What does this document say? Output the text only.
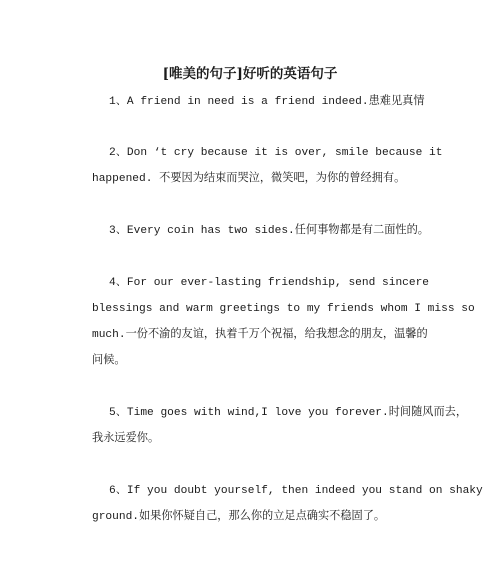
[唯美的句子]好听的英语句子
1、A friend in need is a friend indeed.患难见真情
2、Don ‘t cry because it is over, smile because it
happened. 不要因为结束而哭泣，微笑吧，为你的曾经拥有。
3、Every coin has two sides.任何事物都是有二面性的。
4、For our ever-lasting friendship, send sincere
blessings and warm greetings to my friends whom I miss so
much.一份不渝的友谊，执着千万个祝福，给我想念的朋友，温馨的
问候。
5、Time goes with wind,I love you forever.时间随风而去，
我永远爱你。
6、If you doubt yourself, then indeed you stand on shaky
ground.如果你怀疑自己，那么你的立足点确实不稳固了。
